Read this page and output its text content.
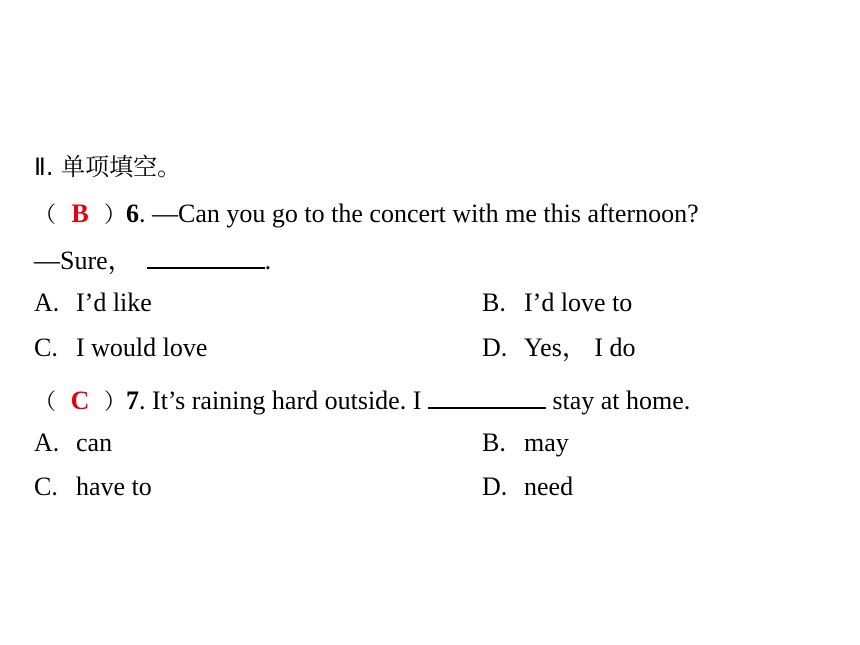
Ⅱ. 单项填空。
（ B ）6. —Can you go to the concert with me this afternoon?
—Sure，	.
A. I’d like	B. I’d love to
C. I would love	D. Yes， I do
（ C ）7. It’s raining hard outside. I	stay at home.
A. can	B. may
C. have to	D. need
